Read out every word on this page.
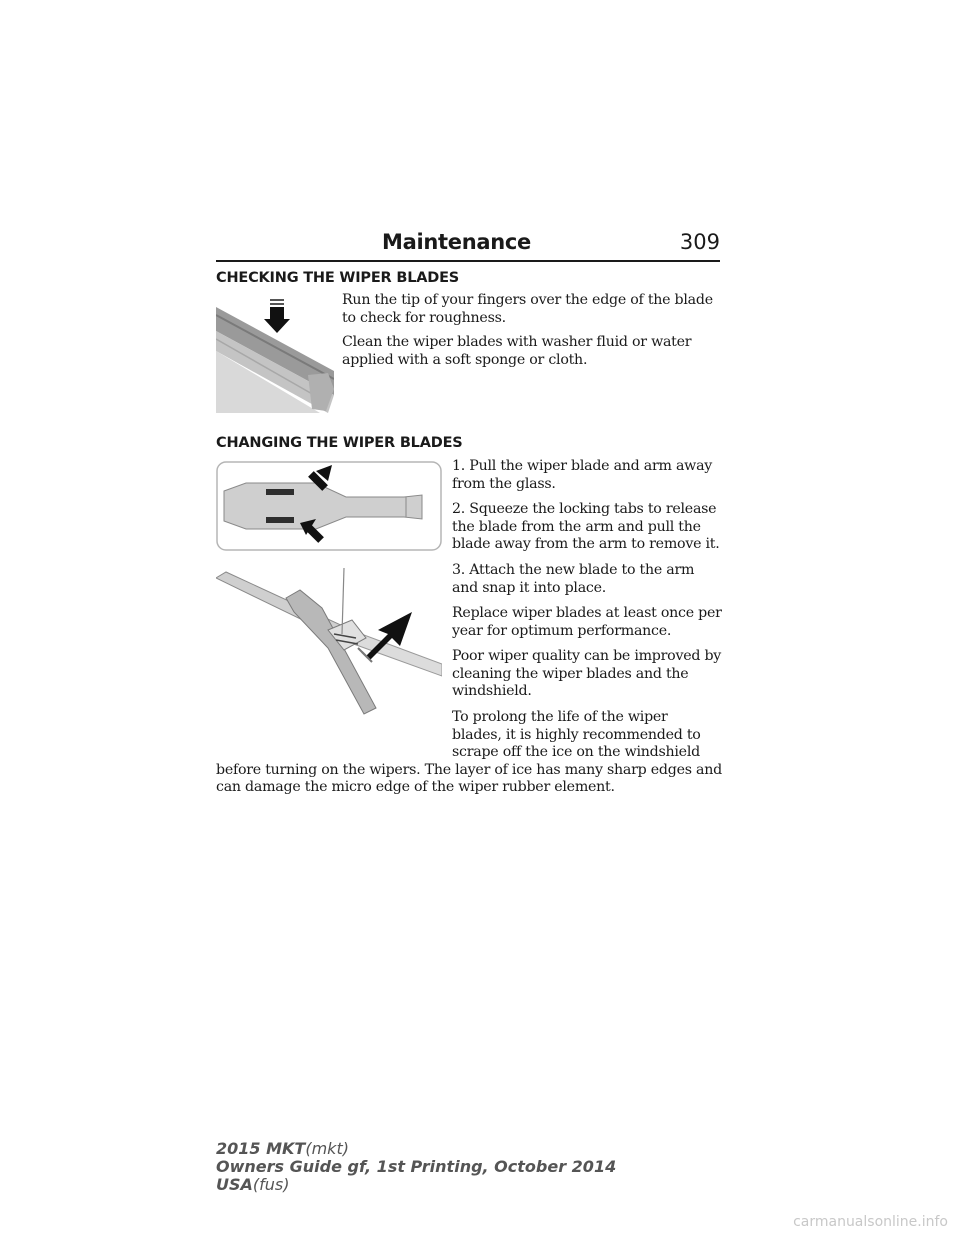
Maintenance	309
CHECKING THE WIPER BLADES

Run the tip of your fingers over the edge of the blade to check for roughness.

Clean the wiper blades with washer fluid or water applied with a soft sponge or cloth.

CHANGING THE WIPER BLADES

1. Pull the wiper blade and arm away from the glass.

2. Squeeze the locking tabs to release the blade from the arm and pull the blade away from the arm to remove it.

3. Attach the new blade to the arm and snap it into place.

Replace wiper blades at least once per year for optimum performance.

Poor wiper quality can be improved by cleaning the wiper blades and the windshield.

To prolong the life of the wiper
blades, it is highly recommended to
scrape off the ice on the windshield
before turning on the wipers. The layer of ice has many sharp edges and
can damage the micro edge of the wiper rubber element.
2015 MKT(mkt)
Owners Guide gf, 1st Printing, October 2014
USA(fus)
carmanualsonline.info
